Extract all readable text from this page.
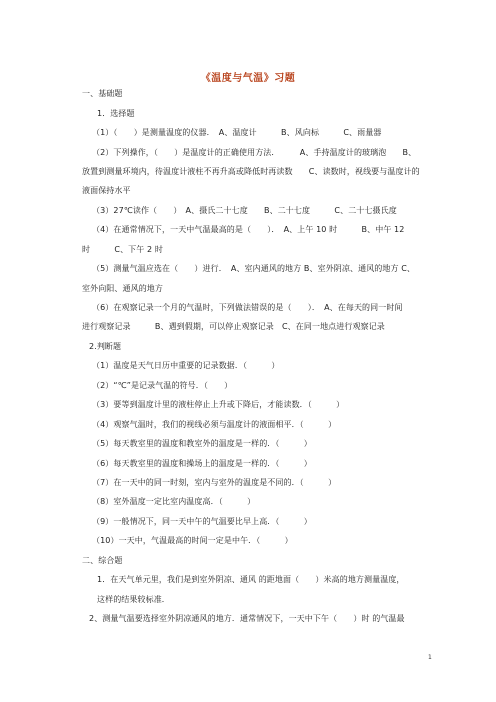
《温度与气温》习题
一、基础题
1．选择题
（1）（　　）是测量温度的仪器．　A、温度计　　　B、风向标　　　C、雨量器
（2）下列操作，（　　）是温度计的正确使用方法．　　　A、手持温度计的玻璃泡　　B、
放置到测量环境内，待温度计液柱不再升高或降低时再读数　　C、读数时，视线要与温度计的
液面保持水平
（3）27℃读作（　　）　A、摄氏二十七度　　B、二十七度　　　C、二十七摄氏度
（4）在通常情况下，一天中气温最高的是（　　）．　A、上午 10 时　　　B、中午 12
时　　　C、下午 2 时
（5）测量气温应选在（　　）进行．　A、室内通风的地方 B、室外阴凉、通风的地方 C、
室外向阳、通风的地方
（6）在观察记录一个月的气温时，下列做法错误的是（　　）．　A、在每天的同一时间
进行观察记录　　　B、遇到假期，可以停止观察记录　C、在同一地点进行观察记录
2.判断题
（1）温度是天气日历中重要的记录数据．（　　　）
（2）“℃”是记录气温的符号．（　　）
（3）要等到温度计里的液柱停止上升或下降后，才能读数．（　　　）
（4）观察气温时，我们的视线必须与温度计的液面相平．（　　　）
（5）每天教室里的温度和教室外的温度是一样的．（　　　）
（6）每天教室里的温度和操场上的温度是一样的．（　　　）
（7）在一天中的同一时刻，室内与室外的温度是不同的．（　　　）
（8）室外温度一定比室内温度高．（　　　）
（9）一般情况下，同一天中午的气温要比早上高．（　　　）
（10）一天中，气温最高的时间一定是中午．（　　　）
二、综合题
1．在天气单元里，我们是到室外阴凉、通风 的距地面（　　）米高的地方测量温度，
这样的结果较标准．
2、测量气温要选择室外阴凉通风的地方．通常情况下，一天中下午（　　）时 的气温最
1
